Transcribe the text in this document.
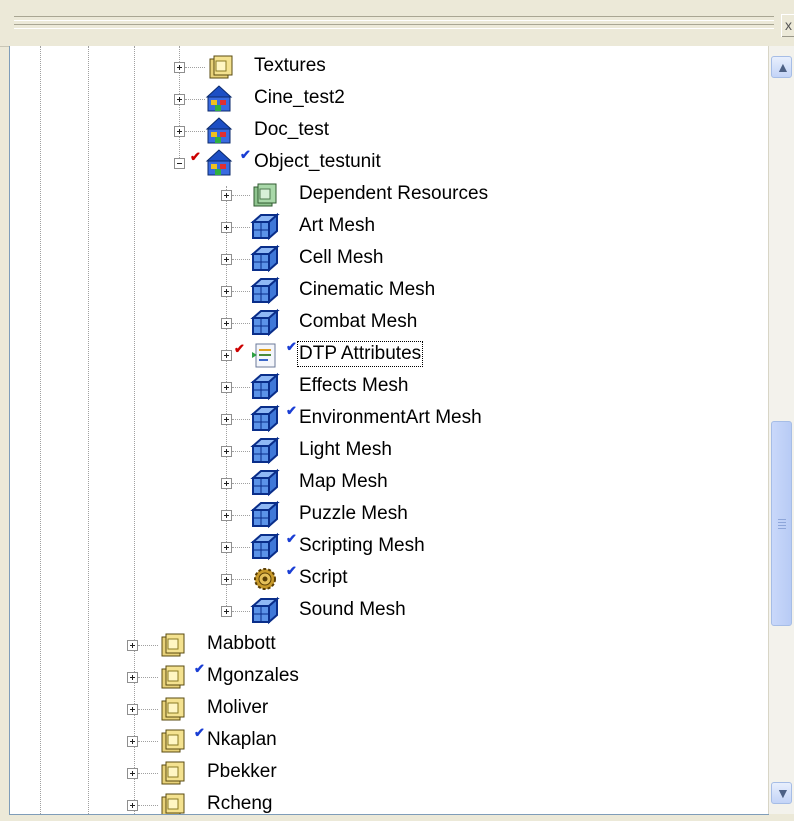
x
Textures
Cine_test2
Doc_test
✔	✔ Object_testunit
Dependent Resources
Art Mesh
Cell Mesh
Cinematic Mesh
Combat Mesh
✔	✔ DTP Attributes
Effects Mesh
✔ EnvironmentArt Mesh
Light Mesh
Map Mesh
Puzzle Mesh
✔ Scripting Mesh
✔ Script
Sound Mesh
Mabbott
✔ Mgonzales
Moliver
✔ Nkaplan
Pbekker
Rcheng
▲
▼
